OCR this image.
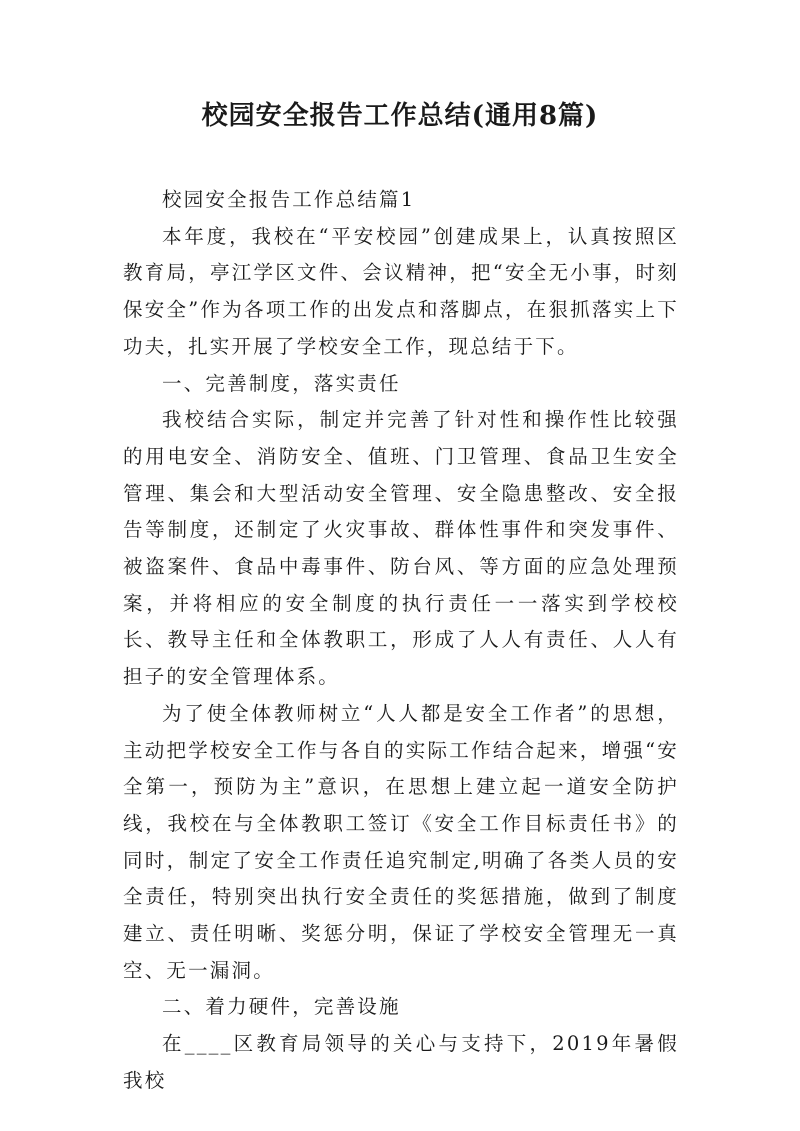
校园安全报告工作总结(通用8篇)

校园安全报告工作总结篇1

本年度，我校在“平安校园”创建成果上，认真按照区教育局，亭江学区文件、会议精神，把“安全无小事，时刻保安全”作为各项工作的出发点和落脚点，在狠抓落实上下功夫，扎实开展了学校安全工作，现总结于下。

一、完善制度，落实责任

我校结合实际，制定并完善了针对性和操作性比较强的用电安全、消防安全、值班、门卫管理、食品卫生安全管理、集会和大型活动安全管理、安全隐患整改、安全报告等制度，还制定了火灾事故、群体性事件和突发事件、被盗案件、食品中毒事件、防台风、等方面的应急处理预案，并将相应的安全制度的执行责任一一落实到学校校长、教导主任和全体教职工，形成了人人有责任、人人有担子的安全管理体系。

为了使全体教师树立“人人都是安全工作者”的思想，主动把学校安全工作与各自的实际工作结合起来，增强“安全第一，预防为主”意识，在思想上建立起一道安全防护线，我校在与全体教职工签订《安全工作目标责任书》的同时，制定了安全工作责任追究制定,明确了各类人员的安全责任，特别突出执行安全责任的奖惩措施，做到了制度建立、责任明晰、奖惩分明，保证了学校安全管理无一真空、无一漏洞。

二、着力硬件，完善设施

在____区教育局领导的关心与支持下，2019年暑假我校
